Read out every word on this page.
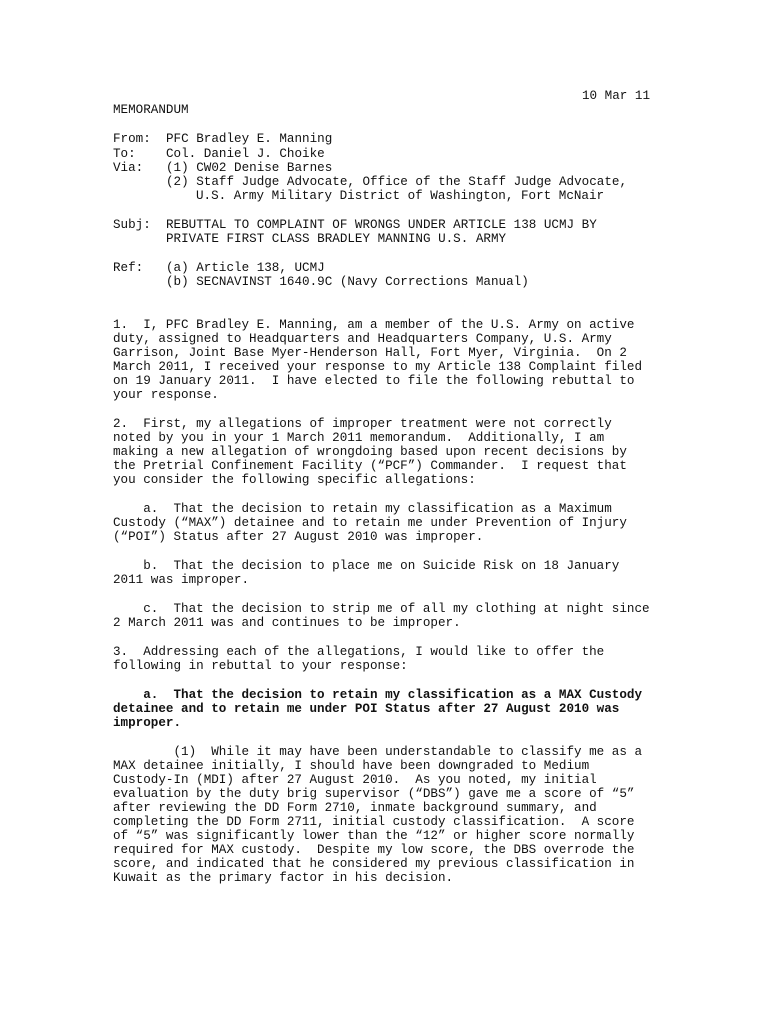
10 Mar 11
MEMORANDUM
From: PFC Bradley E. Manning
To: Col. Daniel J. Choike
Via: (1) CW02 Denise Barnes
(2) Staff Judge Advocate, Office of the Staff Judge Advocate,
U.S. Army Military District of Washington, Fort McNair
Subj: REBUTTAL TO COMPLAINT OF WRONGS UNDER ARTICLE 138 UCMJ BY
PRIVATE FIRST CLASS BRADLEY MANNING U.S. ARMY
Ref: (a) Article 138, UCMJ
(b) SECNAVINST 1640.9C (Navy Corrections Manual)
1.  I, PFC Bradley E. Manning, am a member of the U.S. Army on active
duty, assigned to Headquarters and Headquarters Company, U.S. Army
Garrison, Joint Base Myer-Henderson Hall, Fort Myer, Virginia.  On 2
March 2011, I received your response to my Article 138 Complaint filed
on 19 January 2011.  I have elected to file the following rebuttal to
your response.
2.  First, my allegations of improper treatment were not correctly
noted by you in your 1 March 2011 memorandum.  Additionally, I am
making a new allegation of wrongdoing based upon recent decisions by
the Pretrial Confinement Facility (“PCF”) Commander.  I request that
you consider the following specific allegations:
a.  That the decision to retain my classification as a Maximum
Custody (“MAX”) detainee and to retain me under Prevention of Injury
(“POI”) Status after 27 August 2010 was improper.
b.  That the decision to place me on Suicide Risk on 18 January
2011 was improper.
c.  That the decision to strip me of all my clothing at night since
2 March 2011 was and continues to be improper.
3.  Addressing each of the allegations, I would like to offer the
following in rebuttal to your response:
a.  That the decision to retain my classification as a MAX Custody
detainee and to retain me under POI Status after 27 August 2010 was
improper.
(1)  While it may have been understandable to classify me as a
MAX detainee initially, I should have been downgraded to Medium
Custody-In (MDI) after 27 August 2010.  As you noted, my initial
evaluation by the duty brig supervisor (“DBS”) gave me a score of “5”
after reviewing the DD Form 2710, inmate background summary, and
completing the DD Form 2711, initial custody classification.  A score
of “5” was significantly lower than the “12” or higher score normally
required for MAX custody.  Despite my low score, the DBS overrode the
score, and indicated that he considered my previous classification in
Kuwait as the primary factor in his decision.
